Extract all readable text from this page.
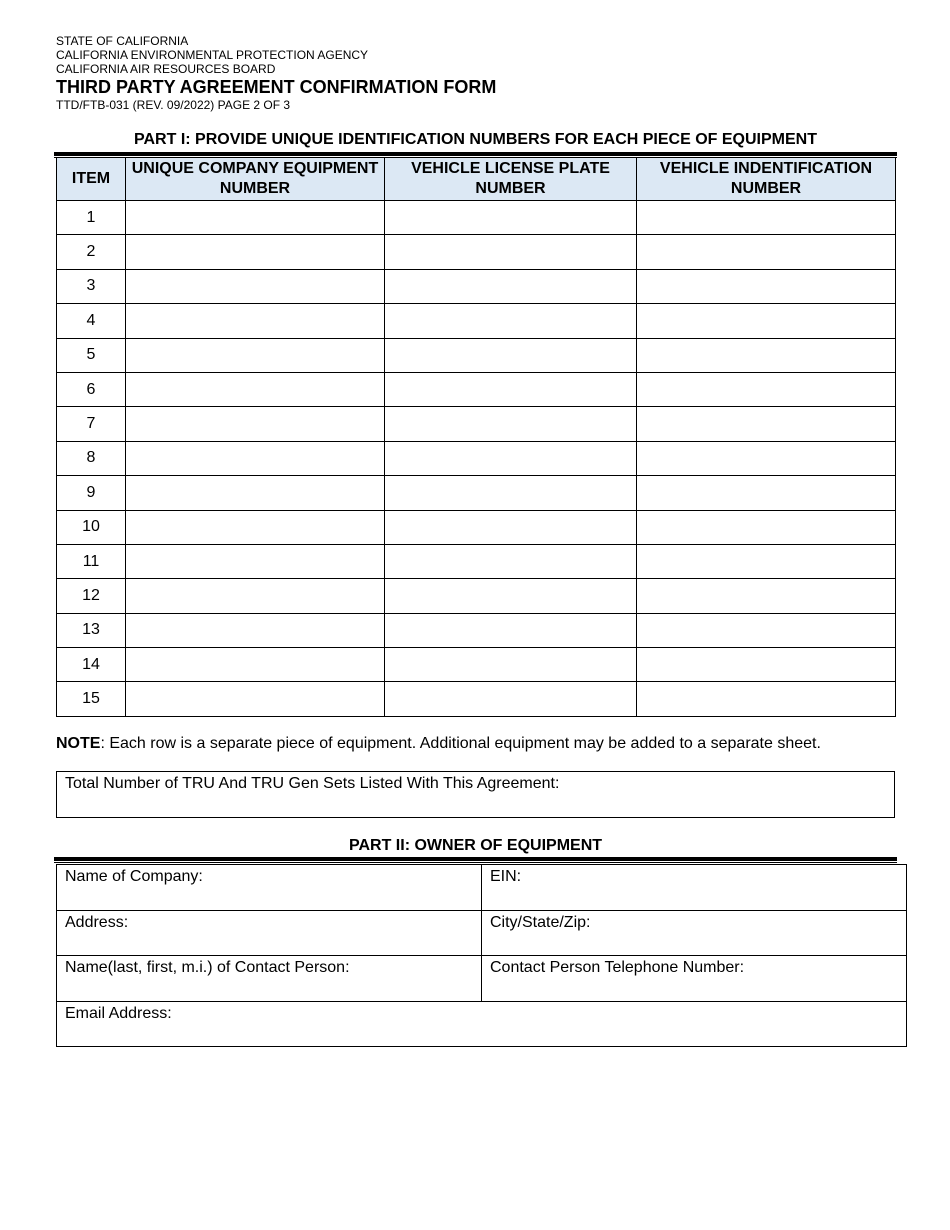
STATE OF CALIFORNIA
CALIFORNIA ENVIRONMENTAL PROTECTION AGENCY
CALIFORNIA AIR RESOURCES BOARD
THIRD PARTY AGREEMENT CONFIRMATION FORM
TTD/FTB-031 (REV. 09/2022) PAGE 2 OF 3
PART I: PROVIDE UNIQUE IDENTIFICATION NUMBERS FOR EACH PIECE OF EQUIPMENT
ITEM	UNIQUE COMPANY EQUIPMENT NUMBER	VEHICLE LICENSE PLATE NUMBER	VEHICLE INDENTIFICATION NUMBER
1			
2			
3			
4			
5			
6			
7			
8			
9			
10			
11			
12			
13			
14			
15			
NOTE: Each row is a separate piece of equipment. Additional equipment may be added to a separate sheet.
Total Number of TRU And TRU Gen Sets Listed With This Agreement:
PART II: OWNER OF EQUIPMENT
Name of Company:	EIN:
Address:	City/State/Zip:
Name(last, first, m.i.) of Contact Person:	Contact Person Telephone Number:
Email Address:	
